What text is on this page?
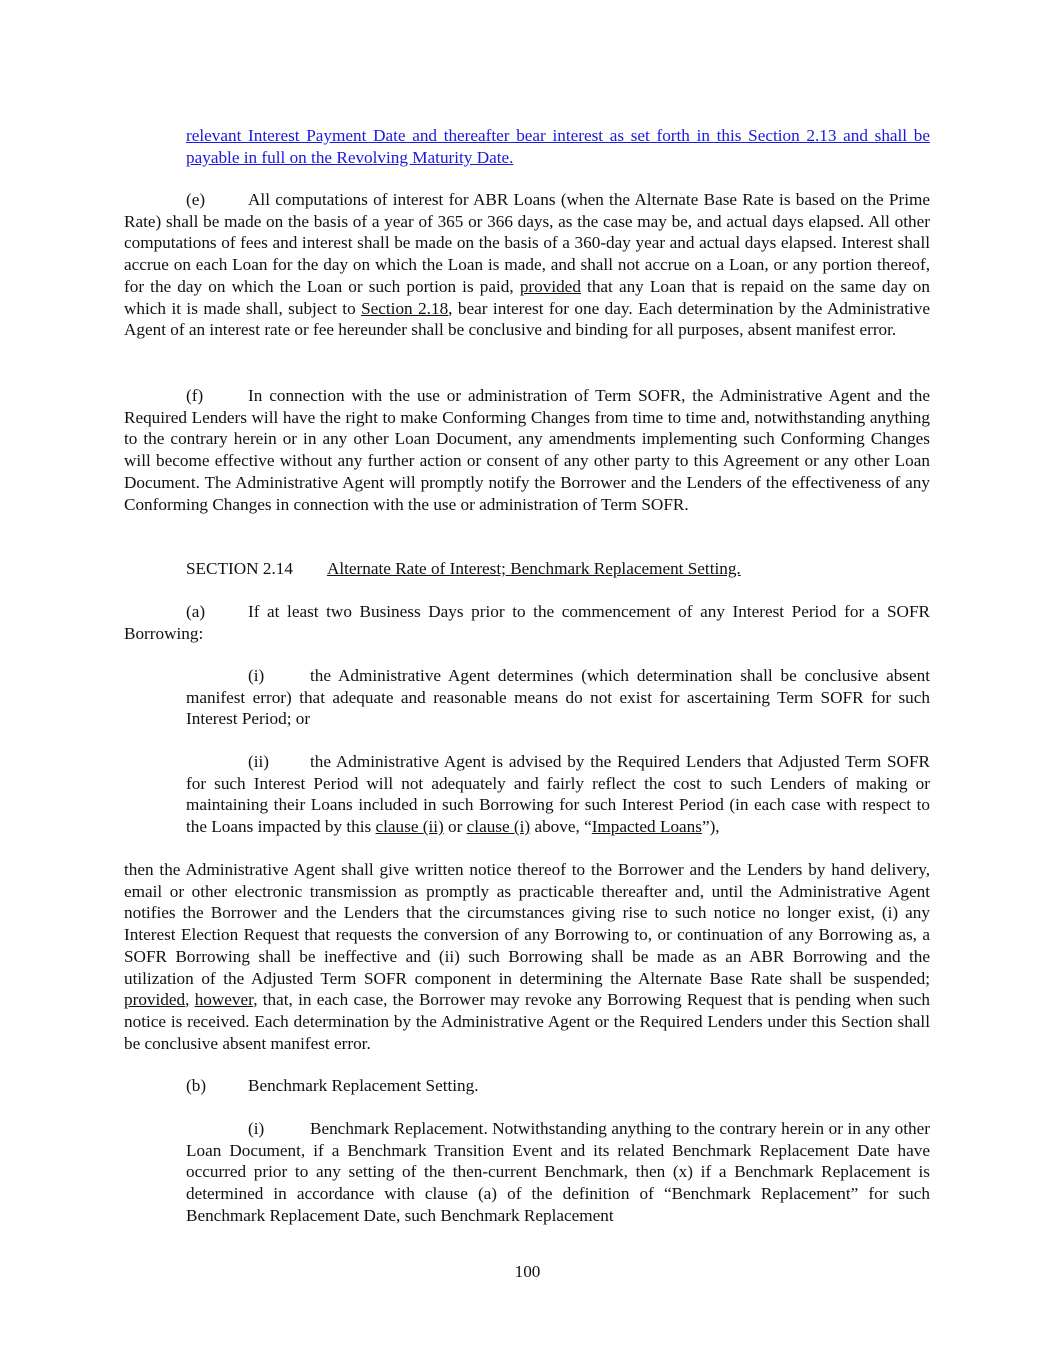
relevant Interest Payment Date and thereafter bear interest as set forth in this Section 2.13 and shall be payable in full on the Revolving Maturity Date.

(e) All computations of interest for ABR Loans (when the Alternate Base Rate is based on the Prime Rate) shall be made on the basis of a year of 365 or 366 days, as the case may be, and actual days elapsed. All other computations of fees and interest shall be made on the basis of a 360-day year and actual days elapsed. Interest shall accrue on each Loan for the day on which the Loan is made, and shall not accrue on a Loan, or any portion thereof, for the day on which the Loan or such portion is paid, provided that any Loan that is repaid on the same day on which it is made shall, subject to Section 2.18, bear interest for one day. Each determination by the Administrative Agent of an interest rate or fee hereunder shall be conclusive and binding for all purposes, absent manifest error.

(f)	In connection with the use or administration of Term SOFR, the Administrative Agent and the Required Lenders will have the right to make Conforming Changes from time to time and, notwithstanding anything to the contrary herein or in any other Loan Document, any amendments implementing such Conforming Changes will become effective without any further action or consent of any other party to this Agreement or any other Loan Document. The Administrative Agent will promptly notify the Borrower and the Lenders of the effectiveness of any Conforming Changes in connection with the use or administration of Term SOFR.

SECTION 2.14 Alternate Rate of Interest; Benchmark Replacement Setting.

(a) If at least two Business Days prior to the commencement of any Interest Period for a SOFR Borrowing:

(i)	the Administrative Agent determines (which determination shall be conclusive absent manifest error) that adequate and reasonable means do not exist for ascertaining Term SOFR for such Interest Period; or

(ii) the Administrative Agent is advised by the Required Lenders that Adjusted Term SOFR for such Interest Period will not adequately and fairly reflect the cost to such Lenders of making or maintaining their Loans included in such Borrowing for such Interest Period (in each case with respect to the Loans impacted by this clause (ii) or clause (i) above, “Impacted Loans”),

then the Administrative Agent shall give written notice thereof to the Borrower and the Lenders by hand delivery, email or other electronic transmission as promptly as practicable thereafter and, until the Administrative Agent notifies the Borrower and the Lenders that the circumstances giving rise to such notice no longer exist, (i) any Interest Election Request that requests the conversion of any Borrowing to, or continuation of any Borrowing as, a SOFR Borrowing shall be ineffective and (ii) such Borrowing shall be made as an ABR Borrowing and the utilization of the Adjusted Term SOFR component in determining the Alternate Base Rate shall be suspended; provided, however, that, in each case, the Borrower may revoke any Borrowing Request that is pending when such notice is received. Each determination by the Administrative Agent or the Required Lenders under this Section shall be conclusive absent manifest error.

(b) Benchmark Replacement Setting.

(i)	Benchmark Replacement. Notwithstanding anything to the contrary herein or in any other Loan Document, if a Benchmark Transition Event and its related Benchmark Replacement Date have occurred prior to any setting of the then-current Benchmark, then (x) if a Benchmark Replacement is determined in accordance with clause (a) of the definition of “Benchmark Replacement” for such Benchmark Replacement Date, such Benchmark Replacement

100
